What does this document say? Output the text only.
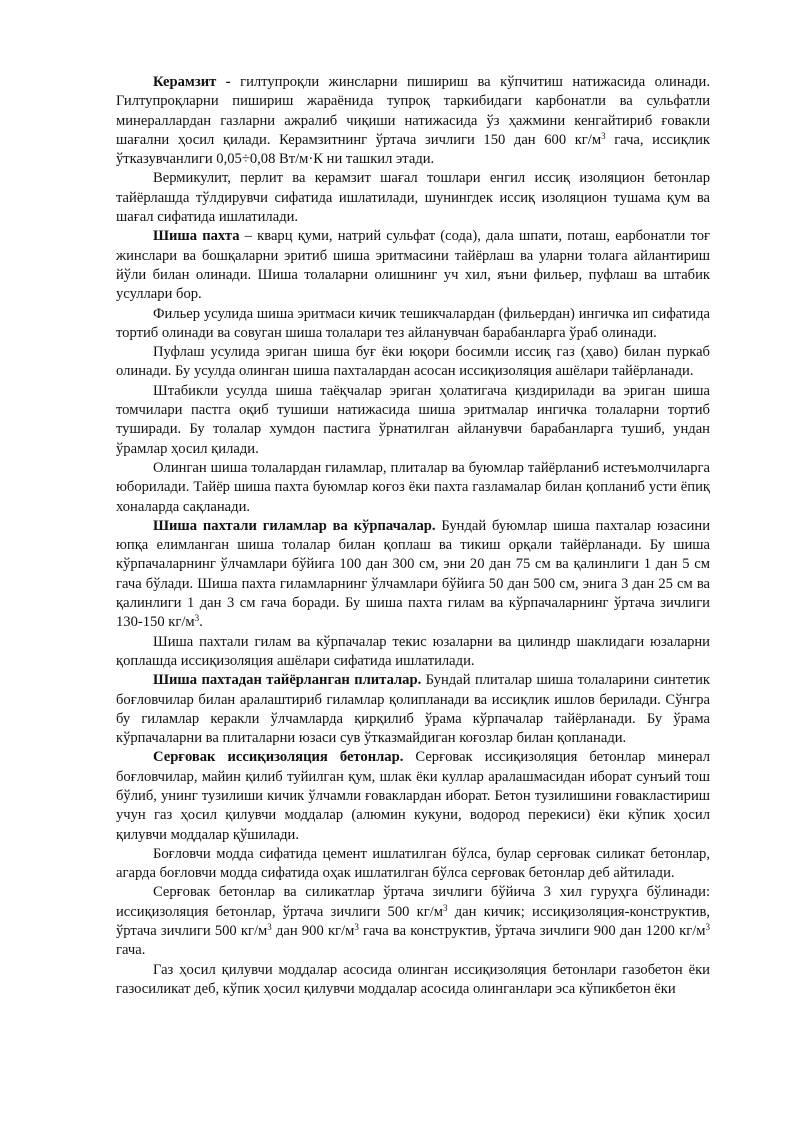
Керамзит - гилтупроқли жинсларни пишириш ва кўпчитиш натижасида олинади. Гилтупроқларни пишириш жараёнида тупроқ таркибидаги карбонатли ва сульфатли минераллардан газларни ажралиб чиқиши натижасида ўз ҳажмини кенгайтириб ғовакли шағални ҳосил қилади. Керамзитнинг ўртача зичлиги 150 дан 600 $кг/м^3$ гача, иссиқлик ўтказувчанлиги 0,05÷0,08 Вт/м·К ни ташкил этади.

Вермикулит, перлит ва керамзит шағал тошлари енгил иссиқ изоляцион бетонлар тайёрлашда тўлдирувчи сифатида ишлатилади, шунингдек иссиқ изоляцион тушама қум ва шағал сифатида ишлатилади.

Шиша пахта – кварц қуми, натрий сульфат (сода), дала шпати, поташ, еарбонатли тоғ жинслари ва бошқаларни эритиб шиша эритмасини тайёрлаш ва уларни толага айлантириш йўли билан олинади. Шиша толаларни олишнинг уч хил, яъни фильер, пуфлаш ва штабик усуллари бор.

Фильер усулида шиша эритмаси кичик тешикчалардан (фильердан) ингичка ип сифатида тортиб олинади ва совуган шиша толалари тез айланувчан барабанларга ўраб олинади.

Пуфлаш усулида эриган шиша буғ ёки юқори босимли иссиқ газ (ҳаво) билан пуркаб олинади. Бу усулда олинган шиша пахталардан асосан иссиқизоляция ашёлари тайёрланади.

Штабикли усулда шиша таёқчалар эриган ҳолатигача қиздирилади ва эриган шиша томчилари пастга оқиб тушиши натижасида шиша эритмалар ингичка толаларни тортиб туширади. Бу толалар хумдон пастига ўрнатилган айланувчи барабанларга тушиб, ундан ўрамлар ҳосил қилади.

Олинган шиша толалардан гиламлар, плиталар ва буюмлар тайёрланиб истеъмолчиларга юборилади. Тайёр шиша пахта буюмлар коғоз ёки пахта газламалар билан қопланиб усти ёпиқ хоналарда сақланади.

Шиша пахтали гиламлар ва кўрпачалар. Бундай буюмлар шиша пахталар юзасини юпқа елимланган шиша толалар билан қоплаш ва тикиш орқали тайёрланади. Бу шиша кўрпачаларнинг ўлчамлари бўйига 100 дан 300 см, эни 20 дан 75 см ва қалинлиги 1 дан 5 см гача бўлади. Шиша пахта гиламларнинг ўлчамлари бўйига 50 дан 500 см, энига 3 дан 25 см ва қалинлиги 1 дан 3 см гача боради. Бу шиша пахта гилам ва кўрпачаларнинг ўртача зичлиги 130-150 $кг/м^3$.

Шиша пахтали гилам ва кўрпачалар текис юзаларни ва цилиндр шаклидаги юзаларни қоплашда иссиқизоляция ашёлари сифатида ишлатилади.

Шиша пахтадан тайёрланган плиталар. Бундай плиталар шиша толаларини синтетик боғловчилар билан аралаштириб гиламлар қолипланади ва иссиқлик ишлов берилади. Сўнгра бу гиламлар керакли ўлчамларда қирқилиб ўрама кўрпачалар тайёрланади. Бу ўрама кўрпачаларни ва плиталарни юзаси сув ўтказмайдиган коғозлар билан қопланади.

Серғовак иссиқизоляция бетонлар. Серғовак иссиқизоляция бетонлар минерал боғловчилар, майин қилиб туйилган қум, шлак ёки куллар аралашмасидан иборат сунъий тош бўлиб, унинг тузилиши кичик ўлчамли ғовaклардан иборат. Бетон тузилишини ғовакластириш учун газ ҳосил қилувчи моддалар (алюмин кукуни, водород перекиси) ёки кўпик ҳосил қилувчи моддалар қўшилади.

Боғловчи модда сифатида цемент ишлатилган бўлса, булар серғовак силикат бетонлар, агарда боғловчи модда сифатида оҳак ишлатилган бўлса серғовак бетонлар деб айтилади.

Серғовак бетонлар ва силикатлар ўртача зичлиги бўйича 3 хил гуруҳга бўлинади: иссиқизоляция бетонлар, ўртача зичлиги 500 $кг/м^3$ дан кичик; иссиқизоляция-конструктив, ўртача зичлиги 500 $кг/м^3$ дан 900 $кг/м^3$ гача ва конструктив, ўртача зичлиги 900 дан 1200 $кг/м^3$ гача.

Газ ҳосил қилувчи моддалар асосида олинган иссиқизоляция бетонлари газобетон ёки газосиликат деб, кўпик ҳосил қилувчи моддалар асосида олинганлари эса кўпикбетон ёки
